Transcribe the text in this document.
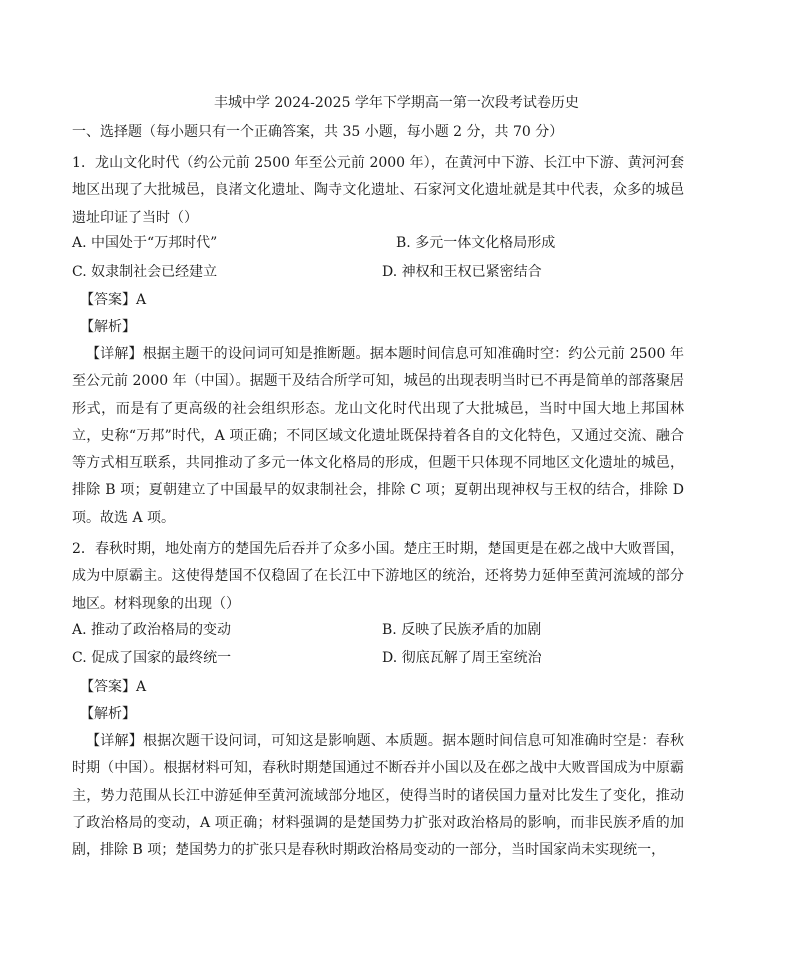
丰城中学 2024-2025 学年下学期高一第一次段考试卷历史
一、选择题（每小题只有一个正确答案，共 35 小题，每小题 2 分，共 70 分）
1．龙山文化时代（约公元前 2500 年至公元前 2000 年），在黄河中下游、长江中下游、黄河河套地区出现了大批城邑，良渚文化遗址、陶寺文化遗址、石家河文化遗址就是其中代表，众多的城邑遗址印证了当时（）
A. 中国处于“万邦时代”	B. 多元一体文化格局形成
C. 奴隶制社会已经建立	D. 神权和王权已紧密结合
【答案】A
【解析】
【详解】根据主题干的设问词可知是推断题。据本题时间信息可知准确时空：约公元前 2500 年至公元前 2000 年（中国）。据题干及结合所学可知，城邑的出现表明当时已不再是简单的部落聚居形式，而是有了更高级的社会组织形态。龙山文化时代出现了大批城邑，当时中国大地上邦国林立，史称“万邦”时代，A 项正确；不同区域文化遗址既保持着各自的文化特色，又通过交流、融合等方式相互联系，共同推动了多元一体文化格局的形成，但题干只体现不同地区文化遗址的城邑，排除 B 项；夏朝建立了中国最早的奴隶制社会，排除 C 项；夏朝出现神权与王权的结合，排除 D 项。故选 A 项。
2．春秋时期，地处南方的楚国先后吞并了众多小国。楚庄王时期，楚国更是在邲之战中大败晋国，成为中原霸主。这使得楚国不仅稳固了在长江中下游地区的统治，还将势力延伸至黄河流域的部分地区。材料现象的出现（）
A. 推动了政治格局的变动	B. 反映了民族矛盾的加剧
C. 促成了国家的最终统一	D. 彻底瓦解了周王室统治
【答案】A
【解析】
【详解】根据次题干设问词，可知这是影响题、本质题。据本题时间信息可知准确时空是：春秋时期（中国）。根据材料可知，春秋时期楚国通过不断吞并小国以及在邲之战中大败晋国成为中原霸主，势力范围从长江中游延伸至黄河流域部分地区，使得当时的诸侯国力量对比发生了变化，推动了政治格局的变动，A 项正确；材料强调的是楚国势力扩张对政治格局的影响，而非民族矛盾的加剧，排除 B 项；楚国势力的扩张只是春秋时期政治格局变动的一部分，当时国家尚未实现统一，
